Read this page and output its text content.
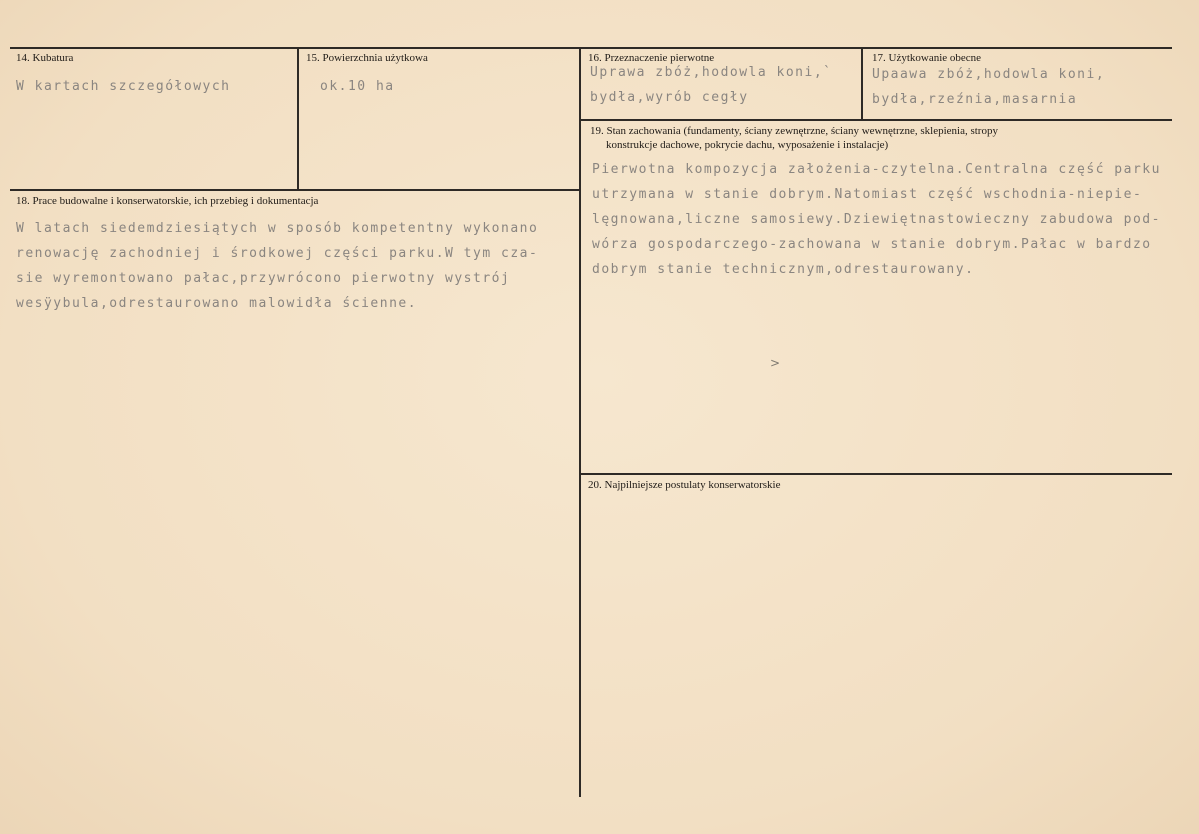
14. Kubatura
W kartach szczegółowych
15. Powierzchnia użytkowa
ok.10 ha
16. Przeznaczenie pierwotne
Uprawa zbóż,hodowla koni,`
bydła,wyrób cegły
17. Użytkowanie obecne
Upaawa zbóż,hodowla koni,
bydła,rzeźnia,masarnia
19. Stan zachowania (fundamenty, ściany zewnętrzne, ściany wewnętrzne, sklepienia, stropy
konstrukcje dachowe, pokrycie dachu, wyposażenie i instalacje)
Pierwotna kompozycja założenia-czytelna.Centralna część parku
utrzymana w stanie dobrym.Natomiast część wschodnia-niepie-
lęgnowana,liczne samosiewy.Dziewiętnastowieczny zabudowa pod-
wórza gospodarczego-zachowana w stanie dobrym.Pałac w bardzo
dobrym stanie technicznym,odrestaurowany.
>
18. Prace budowalne i konserwatorskie, ich przebieg i dokumentacja
W latach siedemdziesiątych w sposób kompetentny wykonano
renowację zachodniej i środkowej części parku.W tym cza-
sie wyremontowano pałac,przywrócono pierwotny wystrój
wesÿybula,odrestaurowano malowidła ścienne.
20. Najpilniejsze postulaty konserwatorskie
